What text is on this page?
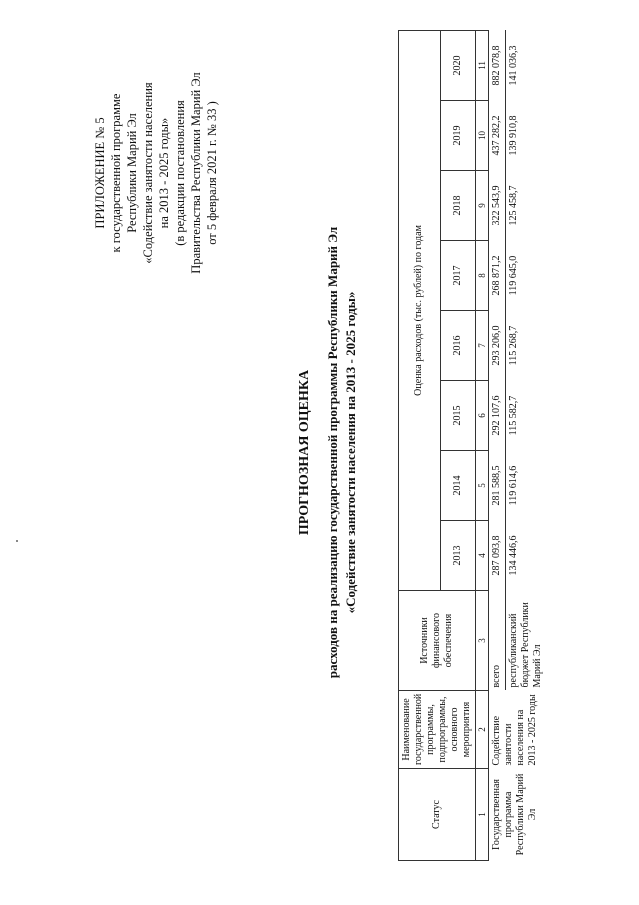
ПРИЛОЖЕНИЕ № 5 к государственной программе Республики Марий Эл «Содействие занятости населения на 2013 - 2025 годы» (в редакции постановления Правительства Республики Марий Эл от 5 февраля 2021 г. № 33 )
ПРОГНОЗНАЯ ОЦЕНКА расходов на реализацию государственной программы Республики Марий Эл «Содействие занятости населения на 2013 - 2025 годы»
Статус	Наименование государственной программы, подпрограммы, основного мероприятия	Источники финансового обеспечения	Оценка расходов (тыс. рублей) по годам							
			2013	2014	2015	2016	2017	2018	2019	2020
1	2	3	4	5	6	7	8	9	10	11
Государственная программа Республики Марий Эл	Содействие занятости населения на 2013 - 2025 годы	всего	287 093,8	281 588,5	292 107,6	293 206,0	268 871,2	322 543,9	437 282,2	882 078,8
		республиканский бюджет Республики Марий Эл	134 446,6	119 614,6	115 582,7	115 268,7	119 645,0	125 458,7	139 910,8	141 036,3
